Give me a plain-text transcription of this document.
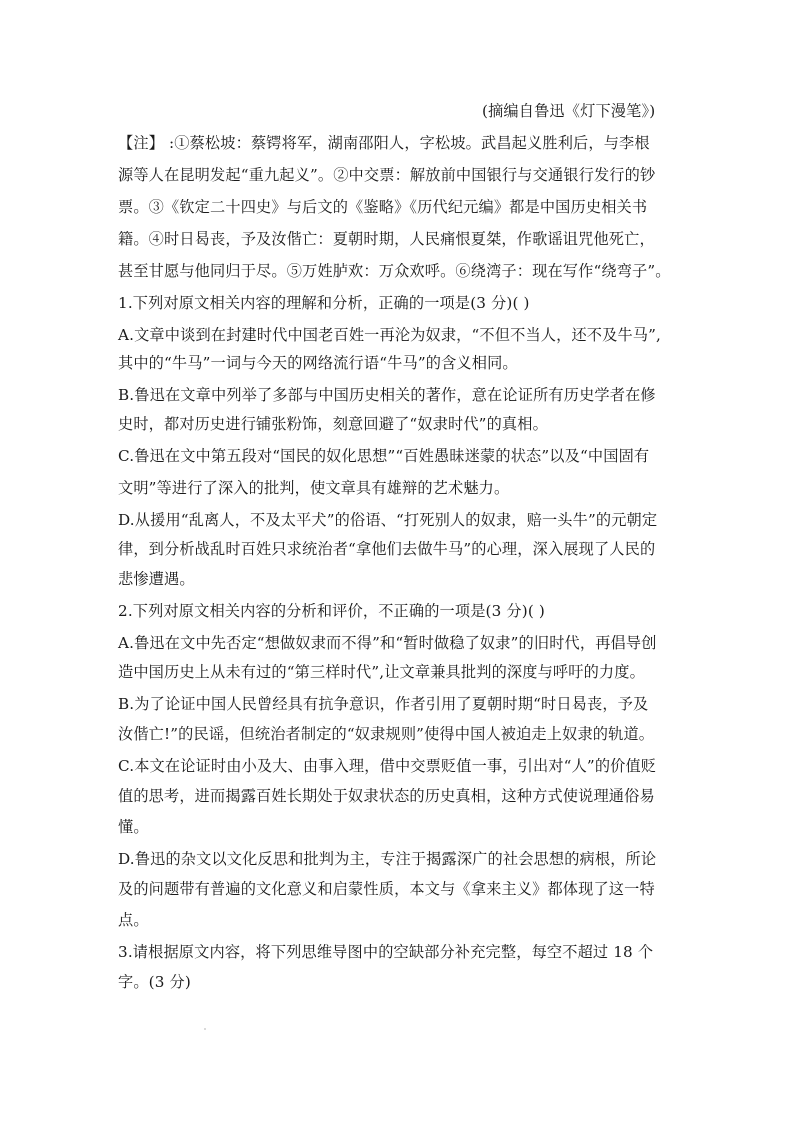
(摘编自鲁迅《灯下漫笔》)
【注】 :①蔡松坡：蔡锷将军，湖南邵阳人，字松坡。武昌起义胜利后，与李根
源等人在昆明发起“重九起义”。②中交票：解放前中国银行与交通银行发行的钞
票。③《钦定二十四史》与后文的《鉴略》《历代纪元编》都是中国历史相关书
籍。④时日曷丧，予及汝偕亡：夏朝时期，人民痛恨夏桀，作歌谣诅咒他死亡，
甚至甘愿与他同归于尽。⑤万姓胪欢：万众欢呼。⑥绕湾子：现在写作“绕弯子”。
1.下列对原文相关内容的理解和分析，正确的一项是(3 分)( )
A.文章中谈到在封建时代中国老百姓一再沦为奴隶，“不但不当人，还不及牛马”,
其中的“牛马”一词与今天的网络流行语“牛马”的含义相同。
B.鲁迅在文章中列举了多部与中国历史相关的著作，意在论证所有历史学者在修
史时，都对历史进行铺张粉饰，刻意回避了“奴隶时代”的真相。
C.鲁迅在文中第五段对“国民的奴化思想”“百姓愚昧迷蒙的状态”以及“中国固有
文明”等进行了深入的批判，使文章具有雄辩的艺术魅力。
D.从援用“乱离人，不及太平犬”的俗语、“打死别人的奴隶，赔一头牛”的元朝定
律，到分析战乱时百姓只求统治者“拿他们去做牛马”的心理，深入展现了人民的
悲惨遭遇。
2.下列对原文相关内容的分析和评价，不正确的一项是(3 分)( )
A.鲁迅在文中先否定“想做奴隶而不得”和“暂时做稳了奴隶”的旧时代，再倡导创
造中国历史上从未有过的“第三样时代”,让文章兼具批判的深度与呼吁的力度。
B.为了论证中国人民曾经具有抗争意识，作者引用了夏朝时期“时日曷丧，予及
汝偕亡!”的民谣，但统治者制定的“奴隶规则”使得中国人被迫走上奴隶的轨道。
C.本文在论证时由小及大、由事入理，借中交票贬值一事，引出对“人”的价值贬
值的思考，进而揭露百姓长期处于奴隶状态的历史真相，这种方式使说理通俗易
懂。
D.鲁迅的杂文以文化反思和批判为主，专注于揭露深广的社会思想的病根，所论
及的问题带有普遍的文化意义和启蒙性质，本文与《拿来主义》都体现了这一特
点。
3.请根据原文内容，将下列思维导图中的空缺部分补充完整，每空不超过 18 个
字。(3 分)
